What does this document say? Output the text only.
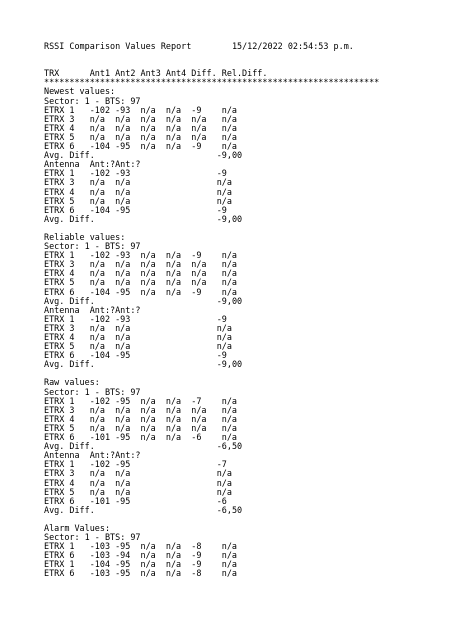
RSSI Comparison Values Report	15/12/2022 02:54:53 p.m.

TRX	Ant1 Ant2 Ant3 Ant4 Diff. Rel.Diff.
******************************************************************
Newest values:
Sector: 1 - BTS: 97
ETRX 1 -102 -93 n/a n/a -9 n/a
ETRX 3 n/a n/a n/a n/a n/a n/a
ETRX 4 n/a n/a n/a n/a n/a n/a
ETRX 5 n/a n/a n/a n/a n/a n/a
ETRX 6 -104 -95 n/a n/a -9 n/a
Avg. Diff.	-9,00
Antenna Ant:?Ant:?
ETRX 1 -102 -93	-9
ETRX 3 n/a n/a	n/a
ETRX 4 n/a n/a	n/a
ETRX 5 n/a n/a	n/a
ETRX 6 -104 -95	-9
Avg. Diff.	-9,00

Reliable values:
Sector: 1 - BTS: 97
ETRX 1 -102 -93 n/a n/a -9 n/a
ETRX 3 n/a n/a n/a n/a n/a n/a
ETRX 4 n/a n/a n/a n/a n/a n/a
ETRX 5 n/a n/a n/a n/a n/a n/a
ETRX 6 -104 -95 n/a n/a -9 n/a
Avg. Diff.	-9,00
Antenna Ant:?Ant:?
ETRX 1 -102 -93	-9
ETRX 3 n/a n/a	n/a
ETRX 4 n/a n/a	n/a
ETRX 5 n/a n/a	n/a
ETRX 6 -104 -95	-9
Avg. Diff.	-9,00

Raw values:
Sector: 1 - BTS: 97
ETRX 1 -102 -95 n/a n/a -7 n/a
ETRX 3 n/a n/a n/a n/a n/a n/a
ETRX 4 n/a n/a n/a n/a n/a n/a
ETRX 5 n/a n/a n/a n/a n/a n/a
ETRX 6 -101 -95 n/a n/a -6 n/a
Avg. Diff.	-6,50
Antenna Ant:?Ant:?
ETRX 1 -102 -95	-7
ETRX 3 n/a n/a	n/a
ETRX 4 n/a n/a	n/a
ETRX 5 n/a n/a	n/a
ETRX 6 -101 -95	-6
Avg. Diff.	-6,50

Alarm Values:
Sector: 1 - BTS: 97
ETRX 1 -103 -95 n/a n/a -8 n/a
ETRX 6 -103 -94 n/a n/a -9 n/a
ETRX 1 -104 -95 n/a n/a -9 n/a
ETRX 6 -103 -95 n/a n/a -8 n/a
